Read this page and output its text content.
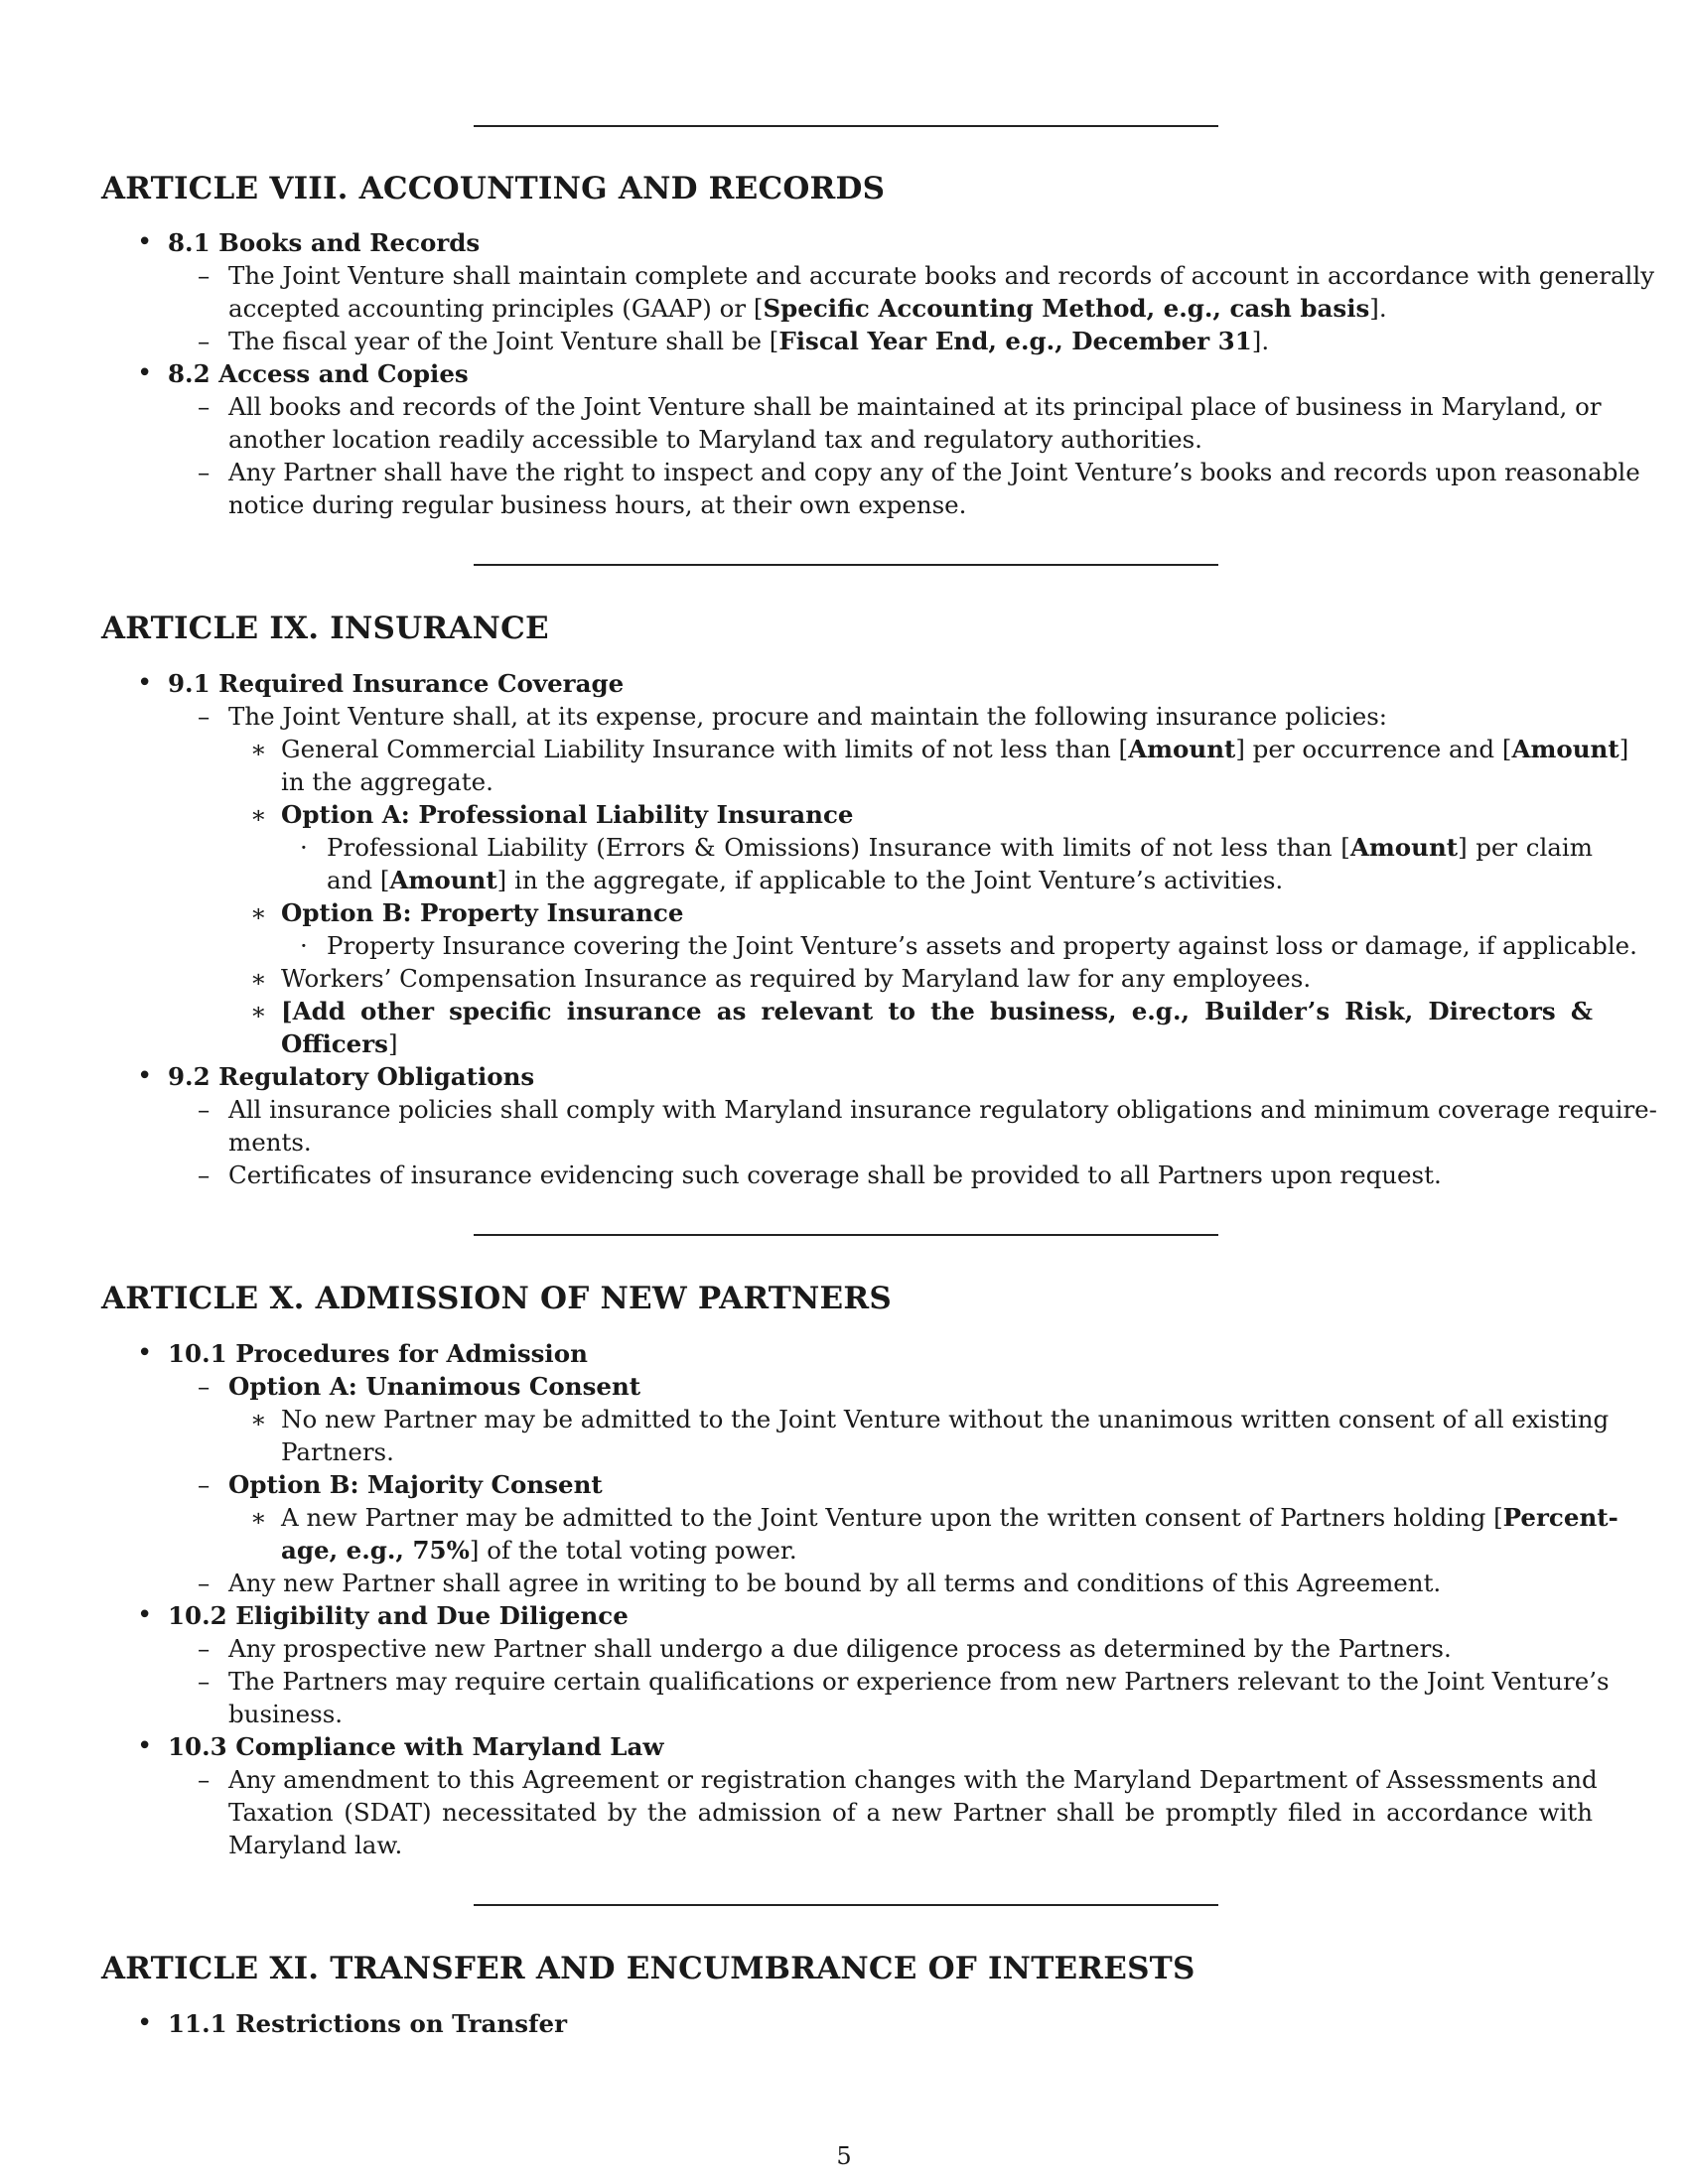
ARTICLE VIII. ACCOUNTING AND RECORDS
• 8.1 Books and Records
– The Joint Venture shall maintain complete and accurate books and records of account in accordance with generally
accepted accounting principles (GAAP) or [Specific Accounting Method, e.g., cash basis].
– The fiscal year of the Joint Venture shall be [Fiscal Year End, e.g., December 31].
• 8.2 Access and Copies
– All books and records of the Joint Venture shall be maintained at its principal place of business in Maryland, or
another location readily accessible to Maryland tax and regulatory authorities.
– Any Partner shall have the right to inspect and copy any of the Joint Venture’s books and records upon reasonable
notice during regular business hours, at their own expense.
ARTICLE IX. INSURANCE
• 9.1 Required Insurance Coverage
– The Joint Venture shall, at its expense, procure and maintain the following insurance policies:
∗ General Commercial Liability Insurance with limits of not less than [Amount] per occurrence and [Amount]
in the aggregate.
∗ Option A: Professional Liability Insurance
· Professional Liability (Errors & Omissions) Insurance with limits of not less than [Amount] per claim
and [Amount] in the aggregate, if applicable to the Joint Venture’s activities.
∗ Option B: Property Insurance
· Property Insurance covering the Joint Venture’s assets and property against loss or damage, if applicable.
∗ Workers’ Compensation Insurance as required by Maryland law for any employees.
∗ [Add other specific insurance as relevant to the business, e.g., Builder’s Risk, Directors &
Officers]
• 9.2 Regulatory Obligations
– All insurance policies shall comply with Maryland insurance regulatory obligations and minimum coverage require-
ments.
– Certificates of insurance evidencing such coverage shall be provided to all Partners upon request.
ARTICLE X. ADMISSION OF NEW PARTNERS
• 10.1 Procedures for Admission
– Option A: Unanimous Consent
∗ No new Partner may be admitted to the Joint Venture without the unanimous written consent of all existing
Partners.
– Option B: Majority Consent
∗ A new Partner may be admitted to the Joint Venture upon the written consent of Partners holding [Percent-
age, e.g., 75%] of the total voting power.
– Any new Partner shall agree in writing to be bound by all terms and conditions of this Agreement.
• 10.2 Eligibility and Due Diligence
– Any prospective new Partner shall undergo a due diligence process as determined by the Partners.
– The Partners may require certain qualifications or experience from new Partners relevant to the Joint Venture’s
business.
• 10.3 Compliance with Maryland Law
– Any amendment to this Agreement or registration changes with the Maryland Department of Assessments and
Taxation (SDAT) necessitated by the admission of a new Partner shall be promptly filed in accordance with
Maryland law.
ARTICLE XI. TRANSFER AND ENCUMBRANCE OF INTERESTS
• 11.1 Restrictions on Transfer
5
